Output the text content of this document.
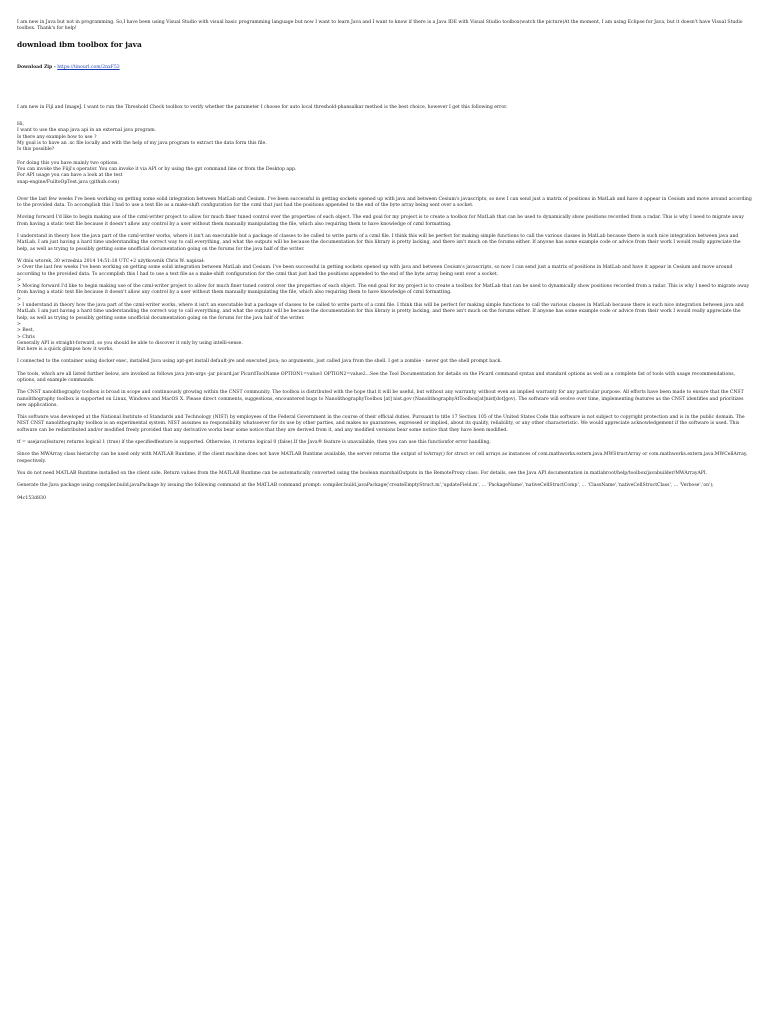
I am new in Java but not in programming. So,I have been using Visual Studio with visual basic programming language but now I want to learn Java and I want to know if there is a Java IDE with Visual Studio toolbox(watch the picture)At the moment, I am using Eclipse for Java, but it doesn't have Visual Studio toolbox. Thank's for help!

download ibm toolbox for java

Download Zip - https://tinourl.com/2nxF53

I am new in Fiji and ImageJ. I want to run the Threshold Check toolbox to verify whether the parameter I choose for auto local threshold-phansalkar method is the best choice, however I get this following error.

Hi,
I want to use the snap java api in an external java program.
Is there any example how to use ?
My goal is to have an .xc file locally and with the help of my java program to extract the data form this file.
Is this possible?
For doing this you have mainly two options.
You can invoke the Fiiji's operator. You can invoke it via API or by using the gpt command line or from the Desktop app.
For API usage you can have a look at the test
snap-engine/FuiltoOpTest.java (github.com)

Over the last few weeks I've been working on getting some solid integration between MatLab and Cesium. I've been successful in getting sockets opened up with java and between Cesium's javascripts, so now I can send just a matrix of positions in MatLab and have it appear in Cesium and move around according to the provided data. To accomplish this I had to use a text file as a make-shift configuration for the czml that just had the positions appended to the end of the byte array being sent over a socket.

Moving forward I'd like to begin making use of the czml-writer project to allow for much finer tuned control over the properties of each object. The end goal for my project is to create a toolbox for MatLab that can be used to dynamically show positions recorded from a radar. This is why I need to migrate away from having a static text file because it doesn't allow any control by a user without them manually manipulating the file, which also requiring them to have knowledge of czml formatting.

I understand in theory how the java part of the czml-writer works, where it isn't an executable but a package of classes to be called to write parts of a czml file. I think this will be perfect for making simple functions to call the various classes in MatLab because there is such nice integration between java and MatLab. I am just having a hard time understanding the correct way to call everything, and what the outputs will be because the documentation for this library is pretty lacking, and there isn't much on the forums either. If anyone has some example code or advice from their work I would really appreciate the help, as well as trying to possibly getting some unofficial documentation going on the forums for the java half of the writer.

W dniu wtorek, 30 września 2014 14:51:18 UTC+2 użytkownik Chris W. napisał:
> Over the last few weeks I've been working on getting some solid integration between MatLab and Cesium. I've been successful in getting sockets opened up with java and between Cesium's javascripts, so now I can send just a matrix of positions in MatLab and have it appear in Cesium and move around according to the provided data. To accomplish this I had to use a text file as a make-shift configuration for the czml that just had the positions appended to the end of the byte array being sent over a socket.
>
> Moving forward I'd like to begin making use of the czml-writer project to allow for much finer tuned control over the properties of each object. The end goal for my project is to create a toolbox for MatLab that can be used to dynamically show positions recorded from a radar. This is why I need to migrate away from having a static text file because it doesn't allow any control by a user without them manually manipulating the file, which also requiring them to have knowledge of czml formatting.
>
> I understand in theory how the java part of the czml-writer works, where it isn't an executable but a package of classes to be called to write parts of a czml file. I think this will be perfect for making simple functions to call the various classes in MatLab because there is such nice integration between java and MatLab. I am just having a hard time understanding the correct way to call everything, and what the outputs will be because the documentation for this library is pretty lacking, and there isn't much on the forums either. If anyone has some example code or advice from their work I would really appreciate the help, as well as trying to possibly getting some unofficial documentation going on the forums for the java half of the writer.
>
> Best,
> Chris
Generally API is straight-forward, so you should be able to discover it only by using intelli-sense.
But here is a quick glimpse how it works.

I connected to the container using docker exec, installed Java using apt-get install default-jre and executed java; no arguments, just called java from the shell. I get a zombie - never got the shell prompt back.

The tools, which are all listed further below, are invoked as follows java jvm-args -jar picard.jar PicardToolName OPTION1=value1 OPTION2=value2...See the Tool Documentation for details on the Picard command syntax and standard options as well as a complete list of tools with usage recommendations, options, and example commands.

The CNST nanolithography toolbox is broad in scope and continuously growing within the CNST community. The toolbox is distributed with the hope that it will be useful, but without any warranty, without even an implied warranty for any particular purpose. All efforts have been made to ensure that the CNST nanolithography toolbox is supported on Linux, Windows and MacOS X. Please direct comments, suggestions, encountered bugs to NanolithographyToolbox [at] nist.gov (NanolithographyAtToolbox[at]nist[dot]gov). The software will evolve over time, implementing features as the CNST identifies and prioritizes new applications.

This software was developed at the National Institute of Standards and Technology (NIST) by employees of the Federal Government in the course of their official duties. Pursuant to title 17 Section 105 of the United States Code this software is not subject to copyright protection and is in the public domain. The NIST CNST nanolithography toolbox is an experimental system. NIST assumes no responsibility whatsoever for its use by other parties, and makes no guarantees, expressed or implied, about its quality, reliability, or any other characteristic. We would appreciate acknowledgement if the software is used. This software can be redistributed and/or modified freely provided that any derivative works bear some notice that they are derived from it, and any modified versions bear some notice that they have been modified.

tf = usejava(feature) returns logical 1 (true) if the specifiedfeature is supported. Otherwise, it returns logical 0 (false).If the Java® feature is unavailable, then you can use this functionfor error handling.

Since the MWArray class hierarchy can be used only with MATLAB Runtime, if the client machine does not have MATLAB Runtime available, the server returns the output of toArray() for struct or cell arrays as instances of com.mathworks.extern.java.MWStructArray or com.mathworks.extern.java.MWCellArray, respectively.

You do not need MATLAB Runtime installed on the client side. Return values from the MATLAB Runtime can be automatically converted using the boolean marshalOutputs in the RemoteProxy class. For details, see the Java API documentation in matlabroot/help/toolbox/javabuilder/MWArrayAPI.

Generate the Java package using compiler.build.javaPackage by issuing the following command at the MATLAB command prompt: compiler.build.javaPackage('createEmptyStruct.m','updateField.m', ... 'PackageName','nativeCellStructComp', ... 'ClassName','nativeCellStructClass', ... 'Verbose','on');

94c153d830
